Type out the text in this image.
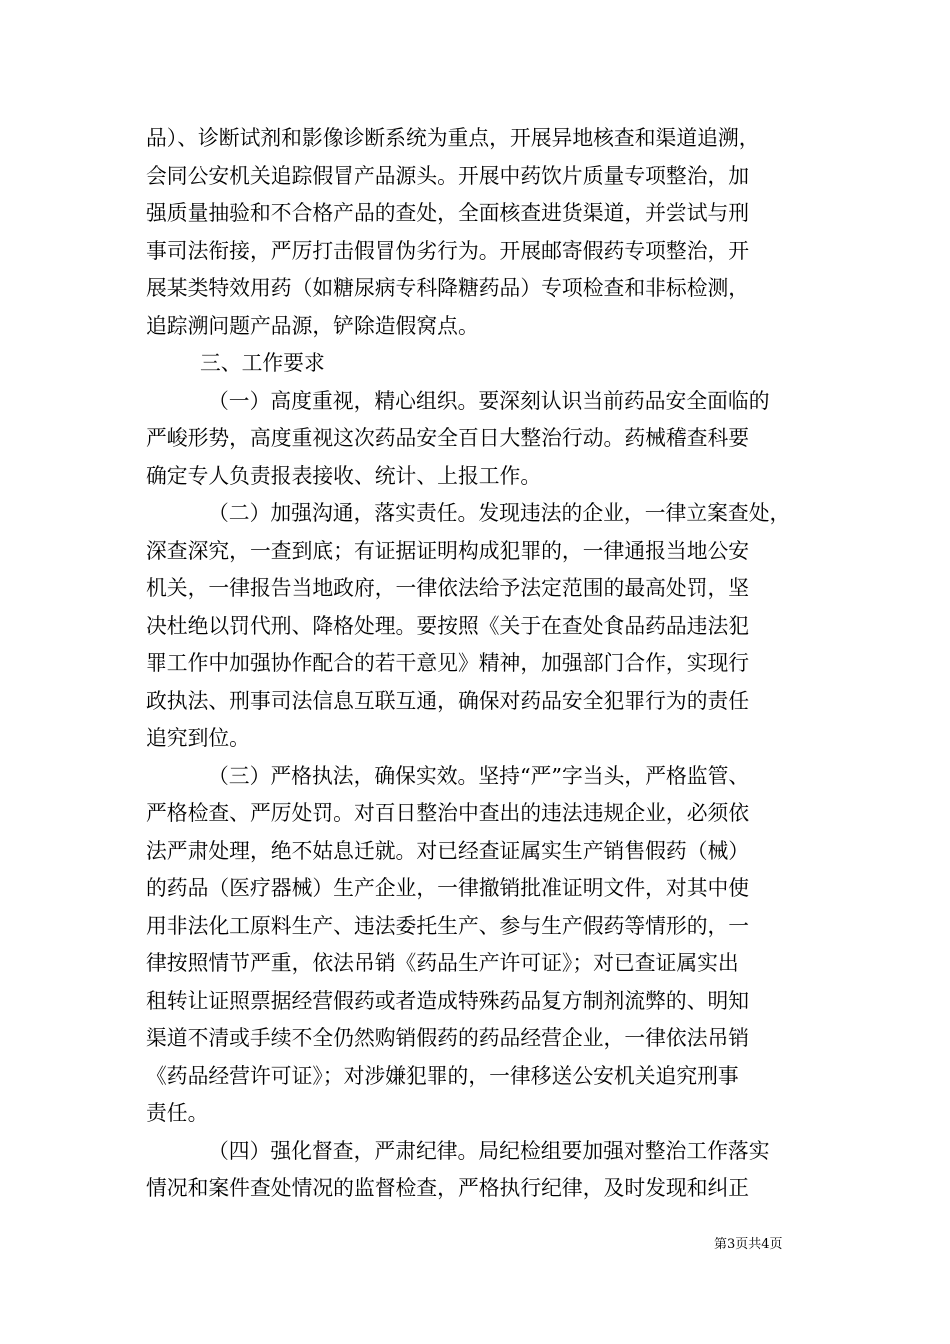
品）、诊断试剂和影像诊断系统为重点，开展异地核查和渠道追溯，
会同公安机关追踪假冒产品源头。开展中药饮片质量专项整治，加
强质量抽验和不合格产品的查处，全面核查进货渠道，并尝试与刑
事司法衔接，严厉打击假冒伪劣行为。开展邮寄假药专项整治，开
展某类特效用药（如糖尿病专科降糖药品）专项检查和非标检测，
追踪溯问题产品源，铲除造假窝点。
三、工作要求
（一）高度重视，精心组织。要深刻认识当前药品安全面临的
严峻形势，高度重视这次药品安全百日大整治行动。药械稽查科要
确定专人负责报表接收、统计、上报工作。
（二）加强沟通，落实责任。发现违法的企业，一律立案查处，
深查深究，一查到底；有证据证明构成犯罪的，一律通报当地公安
机关，一律报告当地政府，一律依法给予法定范围的最高处罚，坚
决杜绝以罚代刑、降格处理。要按照《关于在查处食品药品违法犯
罪工作中加强协作配合的若干意见》精神，加强部门合作，实现行
政执法、刑事司法信息互联互通，确保对药品安全犯罪行为的责任
追究到位。
（三）严格执法，确保实效。坚持“严”字当头，严格监管、
严格检查、严厉处罚。对百日整治中查出的违法违规企业，必须依
法严肃处理，绝不姑息迁就。对已经查证属实生产销售假药（械）
的药品（医疗器械）生产企业，一律撤销批准证明文件，对其中使
用非法化工原料生产、违法委托生产、参与生产假药等情形的，一
律按照情节严重，依法吊销《药品生产许可证》；对已查证属实出
租转让证照票据经营假药或者造成特殊药品复方制剂流弊的、明知
渠道不清或手续不全仍然购销假药的药品经营企业，一律依法吊销
《药品经营许可证》；对涉嫌犯罪的，一律移送公安机关追究刑事
责任。
（四）强化督查，严肃纪律。局纪检组要加强对整治工作落实
情况和案件查处情况的监督检查，严格执行纪律，及时发现和纠正
第3页共4页
